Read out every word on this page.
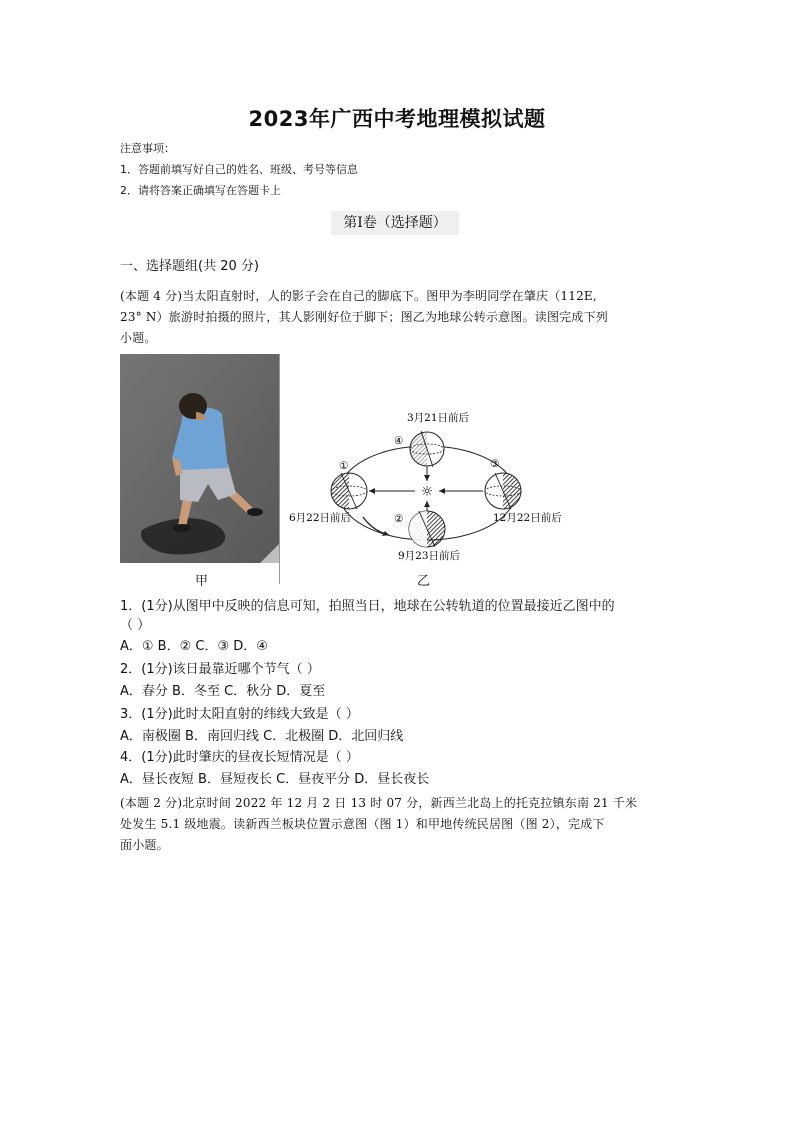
2023年广西中考地理模拟试题
注意事项：
1．答题前填写好自己的姓名、班级、考号等信息
2．请将答案正确填写在答题卡上
第I卷（选择题）
一、选择题组(共 20 分)
(本题 4 分)当太阳直射时，人的影子会在自己的脚底下。图甲为李明同学在肇庆（112E,
23° N）旅游时拍摄的照片，其人影刚好位于脚下；图乙为地球公转示意图。读图完成下列
小题。
甲	乙
☼
①
④
③
②
3月21日前后
6月22日前后	12月22日前后
9月23日前后
1．(1分)从图甲中反映的信息可知，拍照当日，地球在公转轨道的位置最接近乙图中的
（ ）
A．① B．② C．③ D．④
2．(1分)该日最靠近哪个节气（ ）
A．春分 B．冬至 C．秋分 D．夏至
3．(1分)此时太阳直射的纬线大致是（ ）
A．南极圈 B．南回归线 C．北极圈 D．北回归线
4．(1分)此时肇庆的昼夜长短情况是（ ）
A．昼长夜短 B．昼短夜长 C．昼夜平分 D．昼长夜长
(本题 2 分)北京时间 2022 年 12 月 2 日 13 时 07 分，新西兰北岛上的托克拉镇东南 21 千米
处发生 5.1 级地震。读新西兰板块位置示意图（图 1）和甲地传统民居图（图 2），完成下
面小题。
